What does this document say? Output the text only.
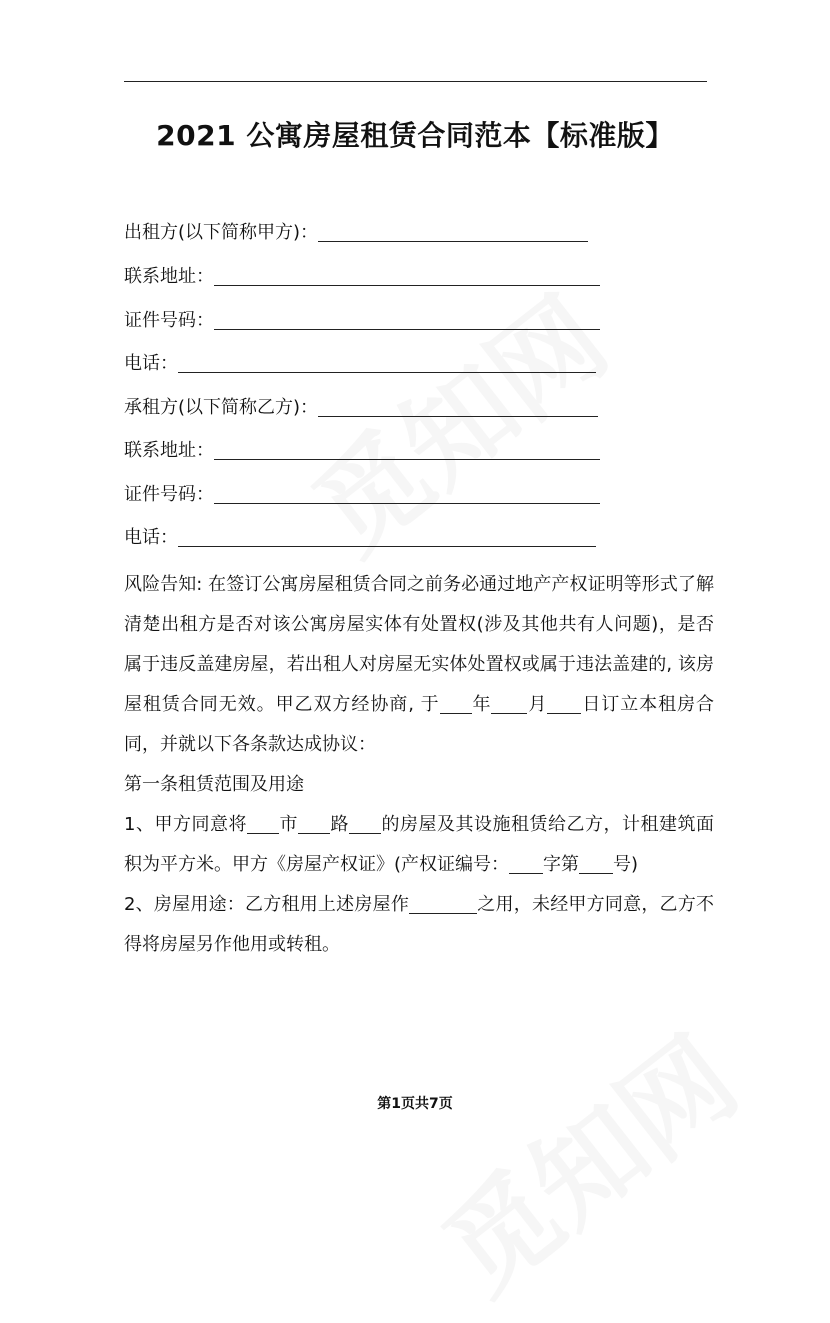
2021 公寓房屋租赁合同范本【标准版】
出租方(以下简称甲方)：
联系地址：
证件号码：
电话：
承租方(以下简称乙方)：
联系地址：
证件号码：
电话：

风险告知: 在签订公寓房屋租赁合同之前务必通过地产产权证明等形式了解清楚出租方是否对该公寓房屋实体有处置权(涉及其他共有人问题)，是否属于违反盖建房屋，若出租人对房屋无实体处置权或属于违法盖建的, 该房屋租赁合同无效。甲乙双方经协商, 于 年 月 日订立本租房合同，并就以下各条款达成协议：

第一条租赁范围及用途

1、甲方同意将 市 路 的房屋及其设施租赁给乙方，计租建筑面积为平方米。甲方《房屋产权证》(产权证编号： 字第 号)

2、房屋用途：乙方租用上述房屋作	之用，未经甲方同意，乙方不得将房屋另作他用或转租。

第1页共7页
